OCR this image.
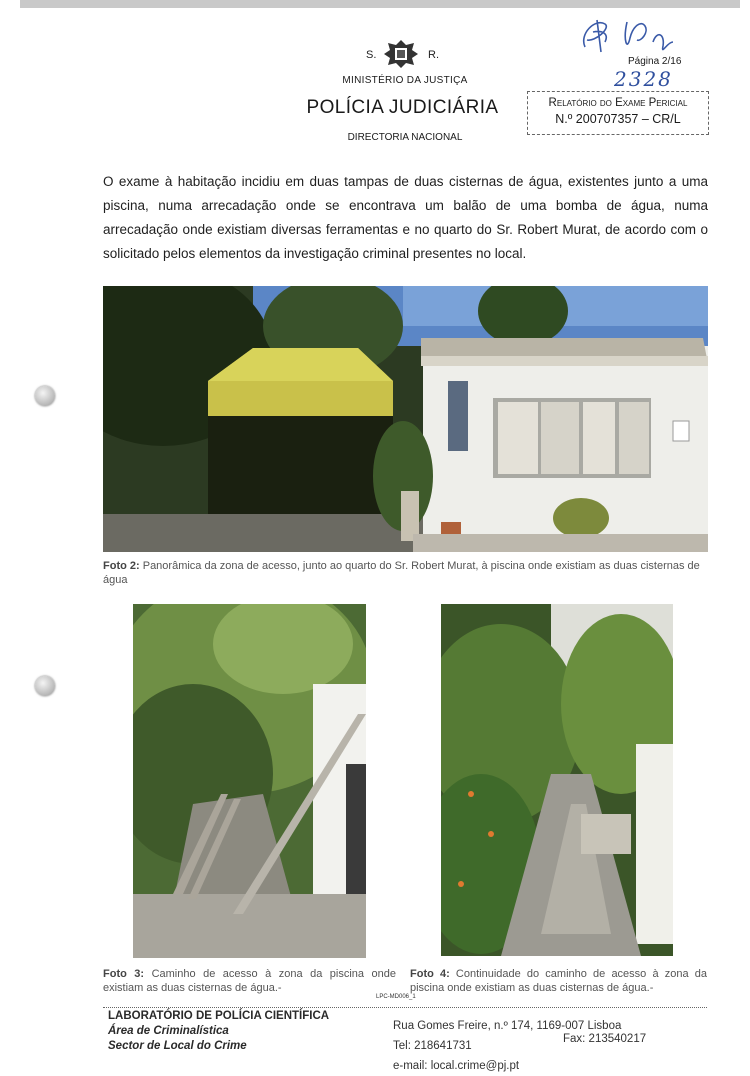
S.	R.
MINISTÉRIO DA JUSTIÇA
POLÍCIA JUDICIÁRIA
DIRECTORIA NACIONAL
Página 2/16
2328
Relatório do Exame Pericial
N.º 200707357 – CR/L
O exame à habitação incidiu em duas tampas de duas cisternas de água, existentes junto a uma piscina, numa arrecadação onde se encontrava um balão de uma bomba de água, numa arrecadação onde existiam diversas ferramentas e no quarto do Sr. Robert Murat, de acordo com o solicitado pelos elementos da investigação criminal presentes no local.
Foto 2: Panorâmica da zona de acesso, junto ao quarto do Sr. Robert Murat, à piscina onde existiam as duas cisternas de água
Foto 3: Caminho de acesso à zona da piscina onde existiam as duas cisternas de água.-
Foto 4: Continuidade do caminho de acesso à zona da piscina onde existiam as duas cisternas de água.-
LPC-MD006_1
LABORATÓRIO DE POLÍCIA CIENTÍFICA
Área de Criminalística
Sector de Local do Crime
Rua Gomes Freire, n.º 174, 1169-007 Lisboa
Tel: 218641731
e-mail: local.crime@pj.pt
Fax: 213540217
